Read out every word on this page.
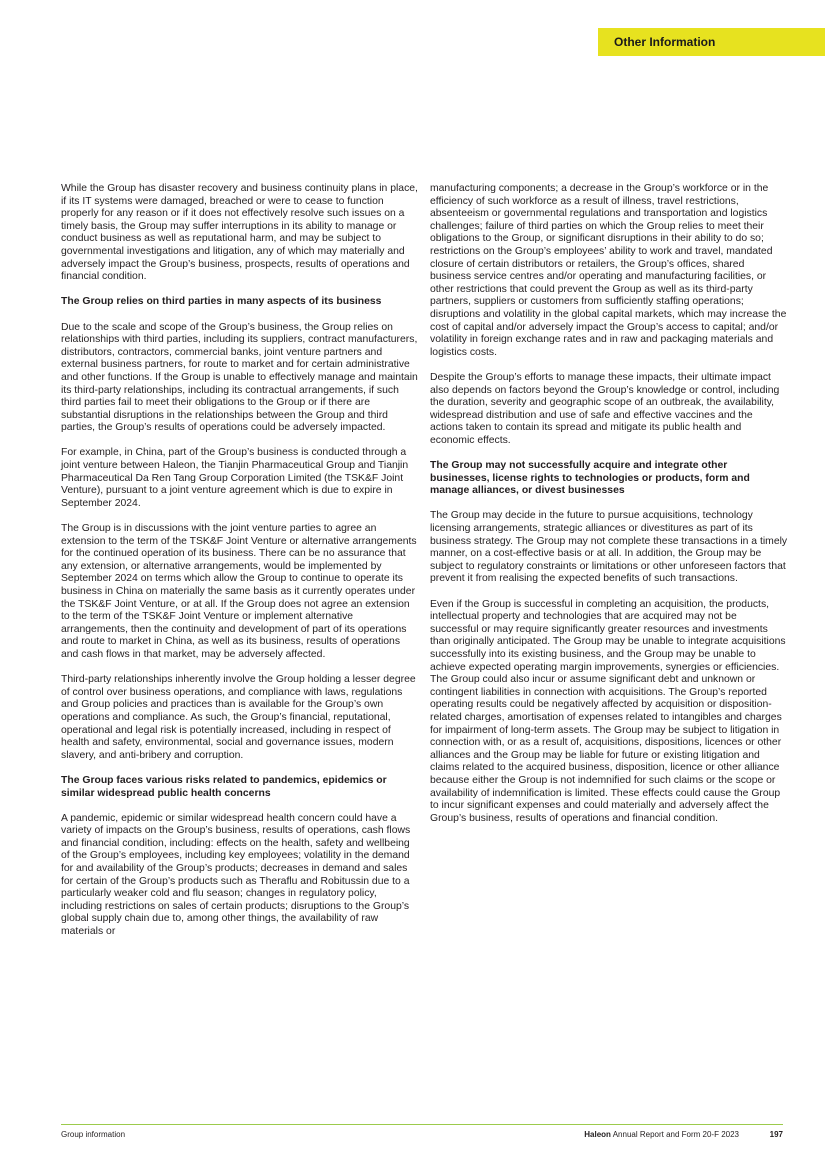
Other Information

While the Group has disaster recovery and business continuity plans in place, if its IT systems were damaged, breached or were to cease to function properly for any reason or if it does not effectively resolve such issues on a timely basis, the Group may suffer interruptions in its ability to manage or conduct business as well as reputational harm, and may be subject to governmental investigations and litigation, any of which may materially and adversely impact the Group’s business, prospects, results of operations and financial condition.

The Group relies on third parties in many aspects of its business

Due to the scale and scope of the Group’s business, the Group relies on relationships with third parties, including its suppliers, contract manufacturers, distributors, contractors, commercial banks, joint venture partners and external business partners, for route to market and for certain administrative and other functions. If the Group is unable to effectively manage and maintain its third-party relationships, including its contractual arrangements, if such third parties fail to meet their obligations to the Group or if there are substantial disruptions in the relationships between the Group and third parties, the Group’s results of operations could be adversely impacted.

For example, in China, part of the Group’s business is conducted through a joint venture between Haleon, the Tianjin Pharmaceutical Group and Tianjin Pharmaceutical Da Ren Tang Group Corporation Limited (the TSK&F Joint Venture), pursuant to a joint venture agreement which is due to expire in September 2024.

The Group is in discussions with the joint venture parties to agree an extension to the term of the TSK&F Joint Venture or alternative arrangements for the continued operation of its business. There can be no assurance that any extension, or alternative arrangements, would be implemented by September 2024 on terms which allow the Group to continue to operate its business in China on materially the same basis as it currently operates under the TSK&F Joint Venture, or at all. If the Group does not agree an extension to the term of the TSK&F Joint Venture or implement alternative arrangements, then the continuity and development of part of its operations and route to market in China, as well as its business, results of operations and cash flows in that market, may be adversely affected.

Third-party relationships inherently involve the Group holding a lesser degree of control over business operations, and compliance with laws, regulations and Group policies and practices than is available for the Group’s own operations and compliance. As such, the Group’s financial, reputational, operational and legal risk is potentially increased, including in respect of health and safety, environmental, social and governance issues, modern slavery, and anti-bribery and corruption.

The Group faces various risks related to pandemics, epidemics or similar widespread public health concerns

A pandemic, epidemic or similar widespread health concern could have a variety of impacts on the Group’s business, results of operations, cash flows and financial condition, including: effects on the health, safety and wellbeing of the Group’s employees, including key employees; volatility in the demand for and availability of the Group’s products; decreases in demand and sales for certain of the Group’s products such as Theraflu and Robitussin due to a particularly weaker cold and flu season; changes in regulatory policy, including restrictions on sales of certain products; disruptions to the Group’s global supply chain due to, among other things, the availability of raw materials or

manufacturing components; a decrease in the Group’s workforce or in the efficiency of such workforce as a result of illness, travel restrictions, absenteeism or governmental regulations and transportation and logistics challenges; failure of third parties on which the Group relies to meet their obligations to the Group, or significant disruptions in their ability to do so; restrictions on the Group’s employees’ ability to work and travel, mandated closure of certain distributors or retailers, the Group’s offices, shared business service centres and/or operating and manufacturing facilities, or other restrictions that could prevent the Group as well as its third-party partners, suppliers or customers from sufficiently staffing operations; disruptions and volatility in the global capital markets, which may increase the cost of capital and/or adversely impact the Group’s access to capital; and/or volatility in foreign exchange rates and in raw and packaging materials and logistics costs.

Despite the Group’s efforts to manage these impacts, their ultimate impact also depends on factors beyond the Group’s knowledge or control, including the duration, severity and geographic scope of an outbreak, the availability, widespread distribution and use of safe and effective vaccines and the actions taken to contain its spread and mitigate its public health and economic effects.

The Group may not successfully acquire and integrate other businesses, license rights to technologies or products, form and manage alliances, or divest businesses

The Group may decide in the future to pursue acquisitions, technology licensing arrangements, strategic alliances or divestitures as part of its business strategy. The Group may not complete these transactions in a timely manner, on a cost-effective basis or at all. In addition, the Group may be subject to regulatory constraints or limitations or other unforeseen factors that prevent it from realising the expected benefits of such transactions.

Even if the Group is successful in completing an acquisition, the products, intellectual property and technologies that are acquired may not be successful or may require significantly greater resources and investments than originally anticipated. The Group may be unable to integrate acquisitions successfully into its existing business, and the Group may be unable to achieve expected operating margin improvements, synergies or efficiencies. The Group could also incur or assume significant debt and unknown or contingent liabilities in connection with acquisitions. The Group’s reported operating results could be negatively affected by acquisition or disposition-related charges, amortisation of expenses related to intangibles and charges for impairment of long-term assets. The Group may be subject to litigation in connection with, or as a result of, acquisitions, dispositions, licences or other alliances and the Group may be liable for future or existing litigation and claims related to the acquired business, disposition, licence or other alliance because either the Group is not indemnified for such claims or the scope or availability of indemnification is limited. These effects could cause the Group to incur significant expenses and could materially and adversely affect the Group’s business, results of operations and financial condition.

Group information	Haleon Annual Report and Form 20-F 2023	197
